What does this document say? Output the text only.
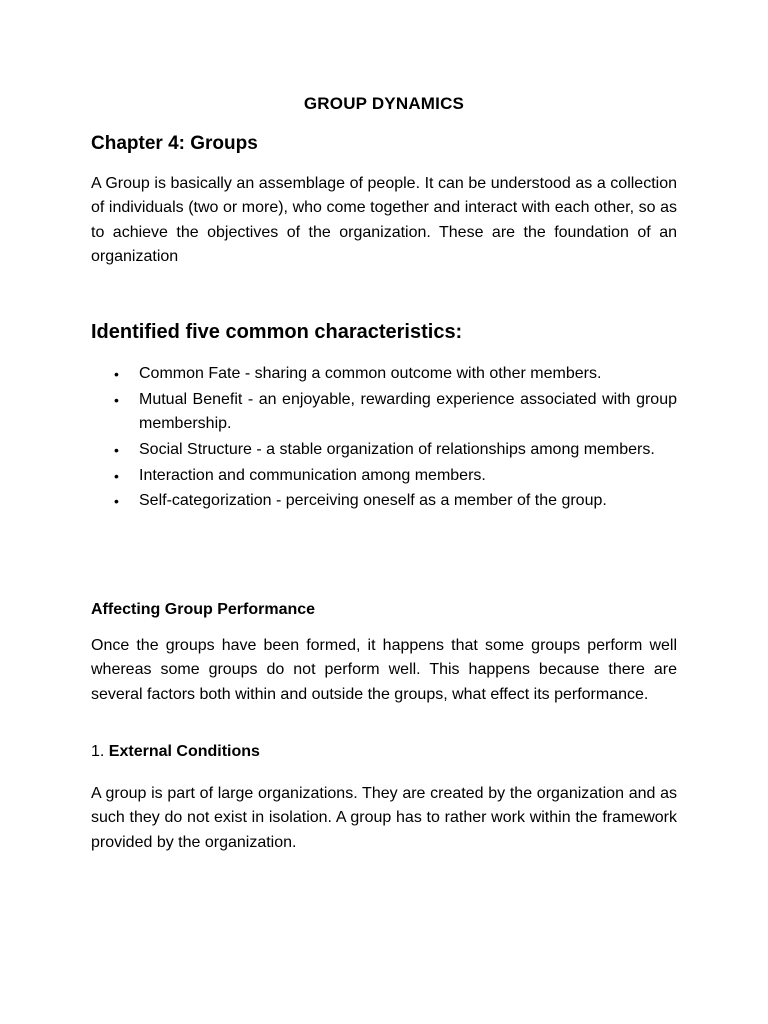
GROUP DYNAMICS
Chapter 4: Groups
A Group is basically an assemblage of people. It can be understood as a collection of individuals (two or more), who come together and interact with each other, so as to achieve the objectives of the organization. These are the foundation of an organization
Identified five common characteristics:
• Common Fate - sharing a common outcome with other members.
• Mutual Benefit - an enjoyable, rewarding experience associated with group membership.
• Social Structure - a stable organization of relationships among members.
• Interaction and communication among members.
• Self-categorization - perceiving oneself as a member of the group.
Affecting Group Performance
Once the groups have been formed, it happens that some groups perform well whereas some groups do not perform well. This happens because there are several factors both within and outside the groups, what effect its performance.
1. External Conditions
A group is part of large organizations. They are created by the organization and as such they do not exist in isolation. A group has to rather work within the framework provided by the organization.
